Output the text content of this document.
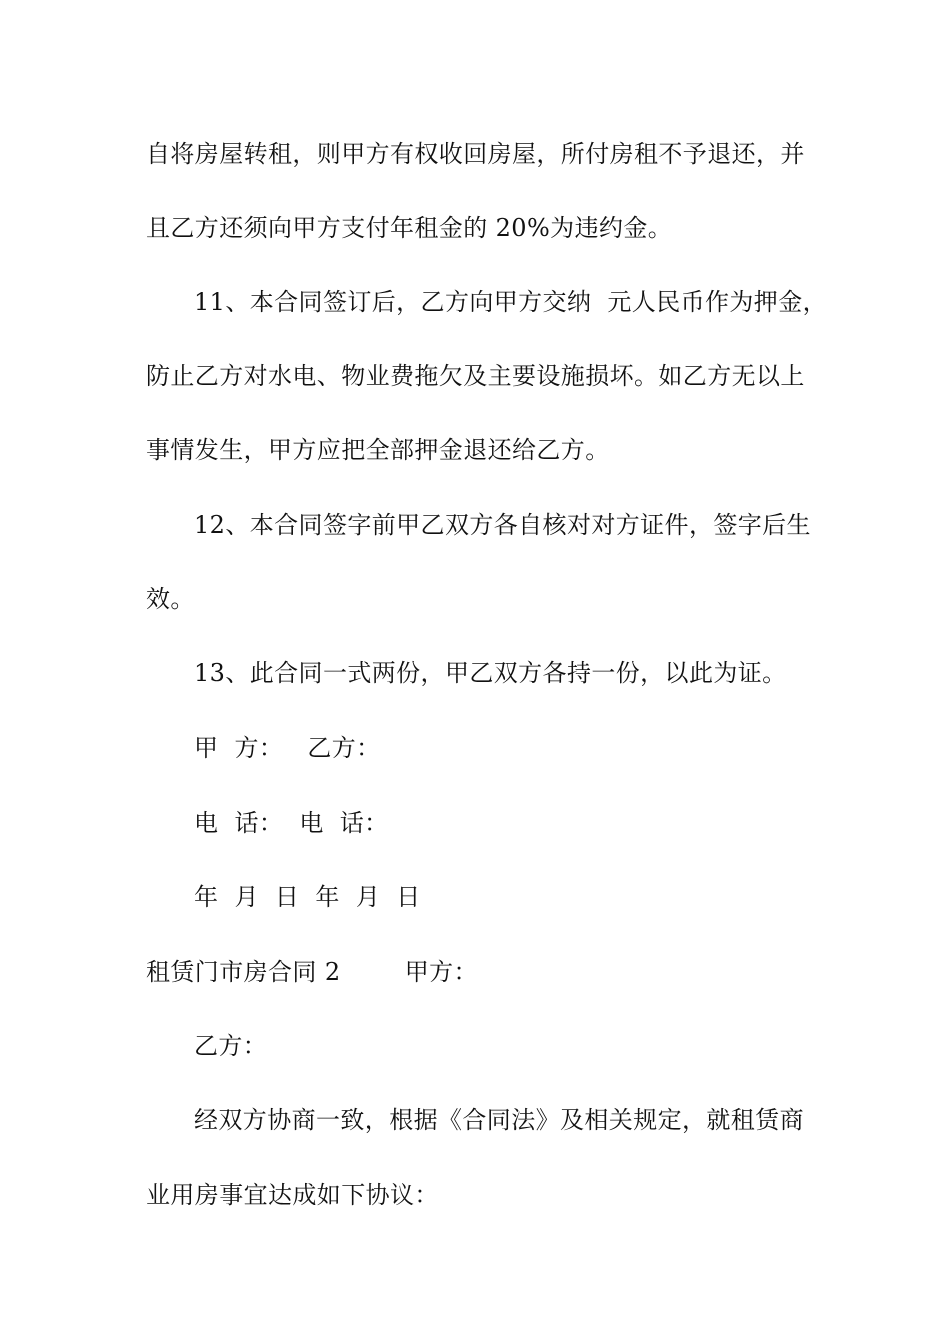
自将房屋转租，则甲方有权收回房屋，所付房租不予退还，并
且乙方还须向甲方支付年租金的 20%为违约金。
11、本合同签订后，乙方向甲方交纳  元人民币作为押金，
防止乙方对水电、物业费拖欠及主要设施损坏。如乙方无以上
事情发生，甲方应把全部押金退还给乙方。
12、本合同签字前甲乙双方各自核对对方证件，签字后生
效。
13、此合同一式两份，甲乙双方各持一份，以此为证。
甲  方：   乙方：
电  话：  电  话：
年  月  日  年  月  日
租赁门市房合同 2        甲方：
乙方：
经双方协商一致，根据《合同法》及相关规定，就租赁商
业用房事宜达成如下协议：
